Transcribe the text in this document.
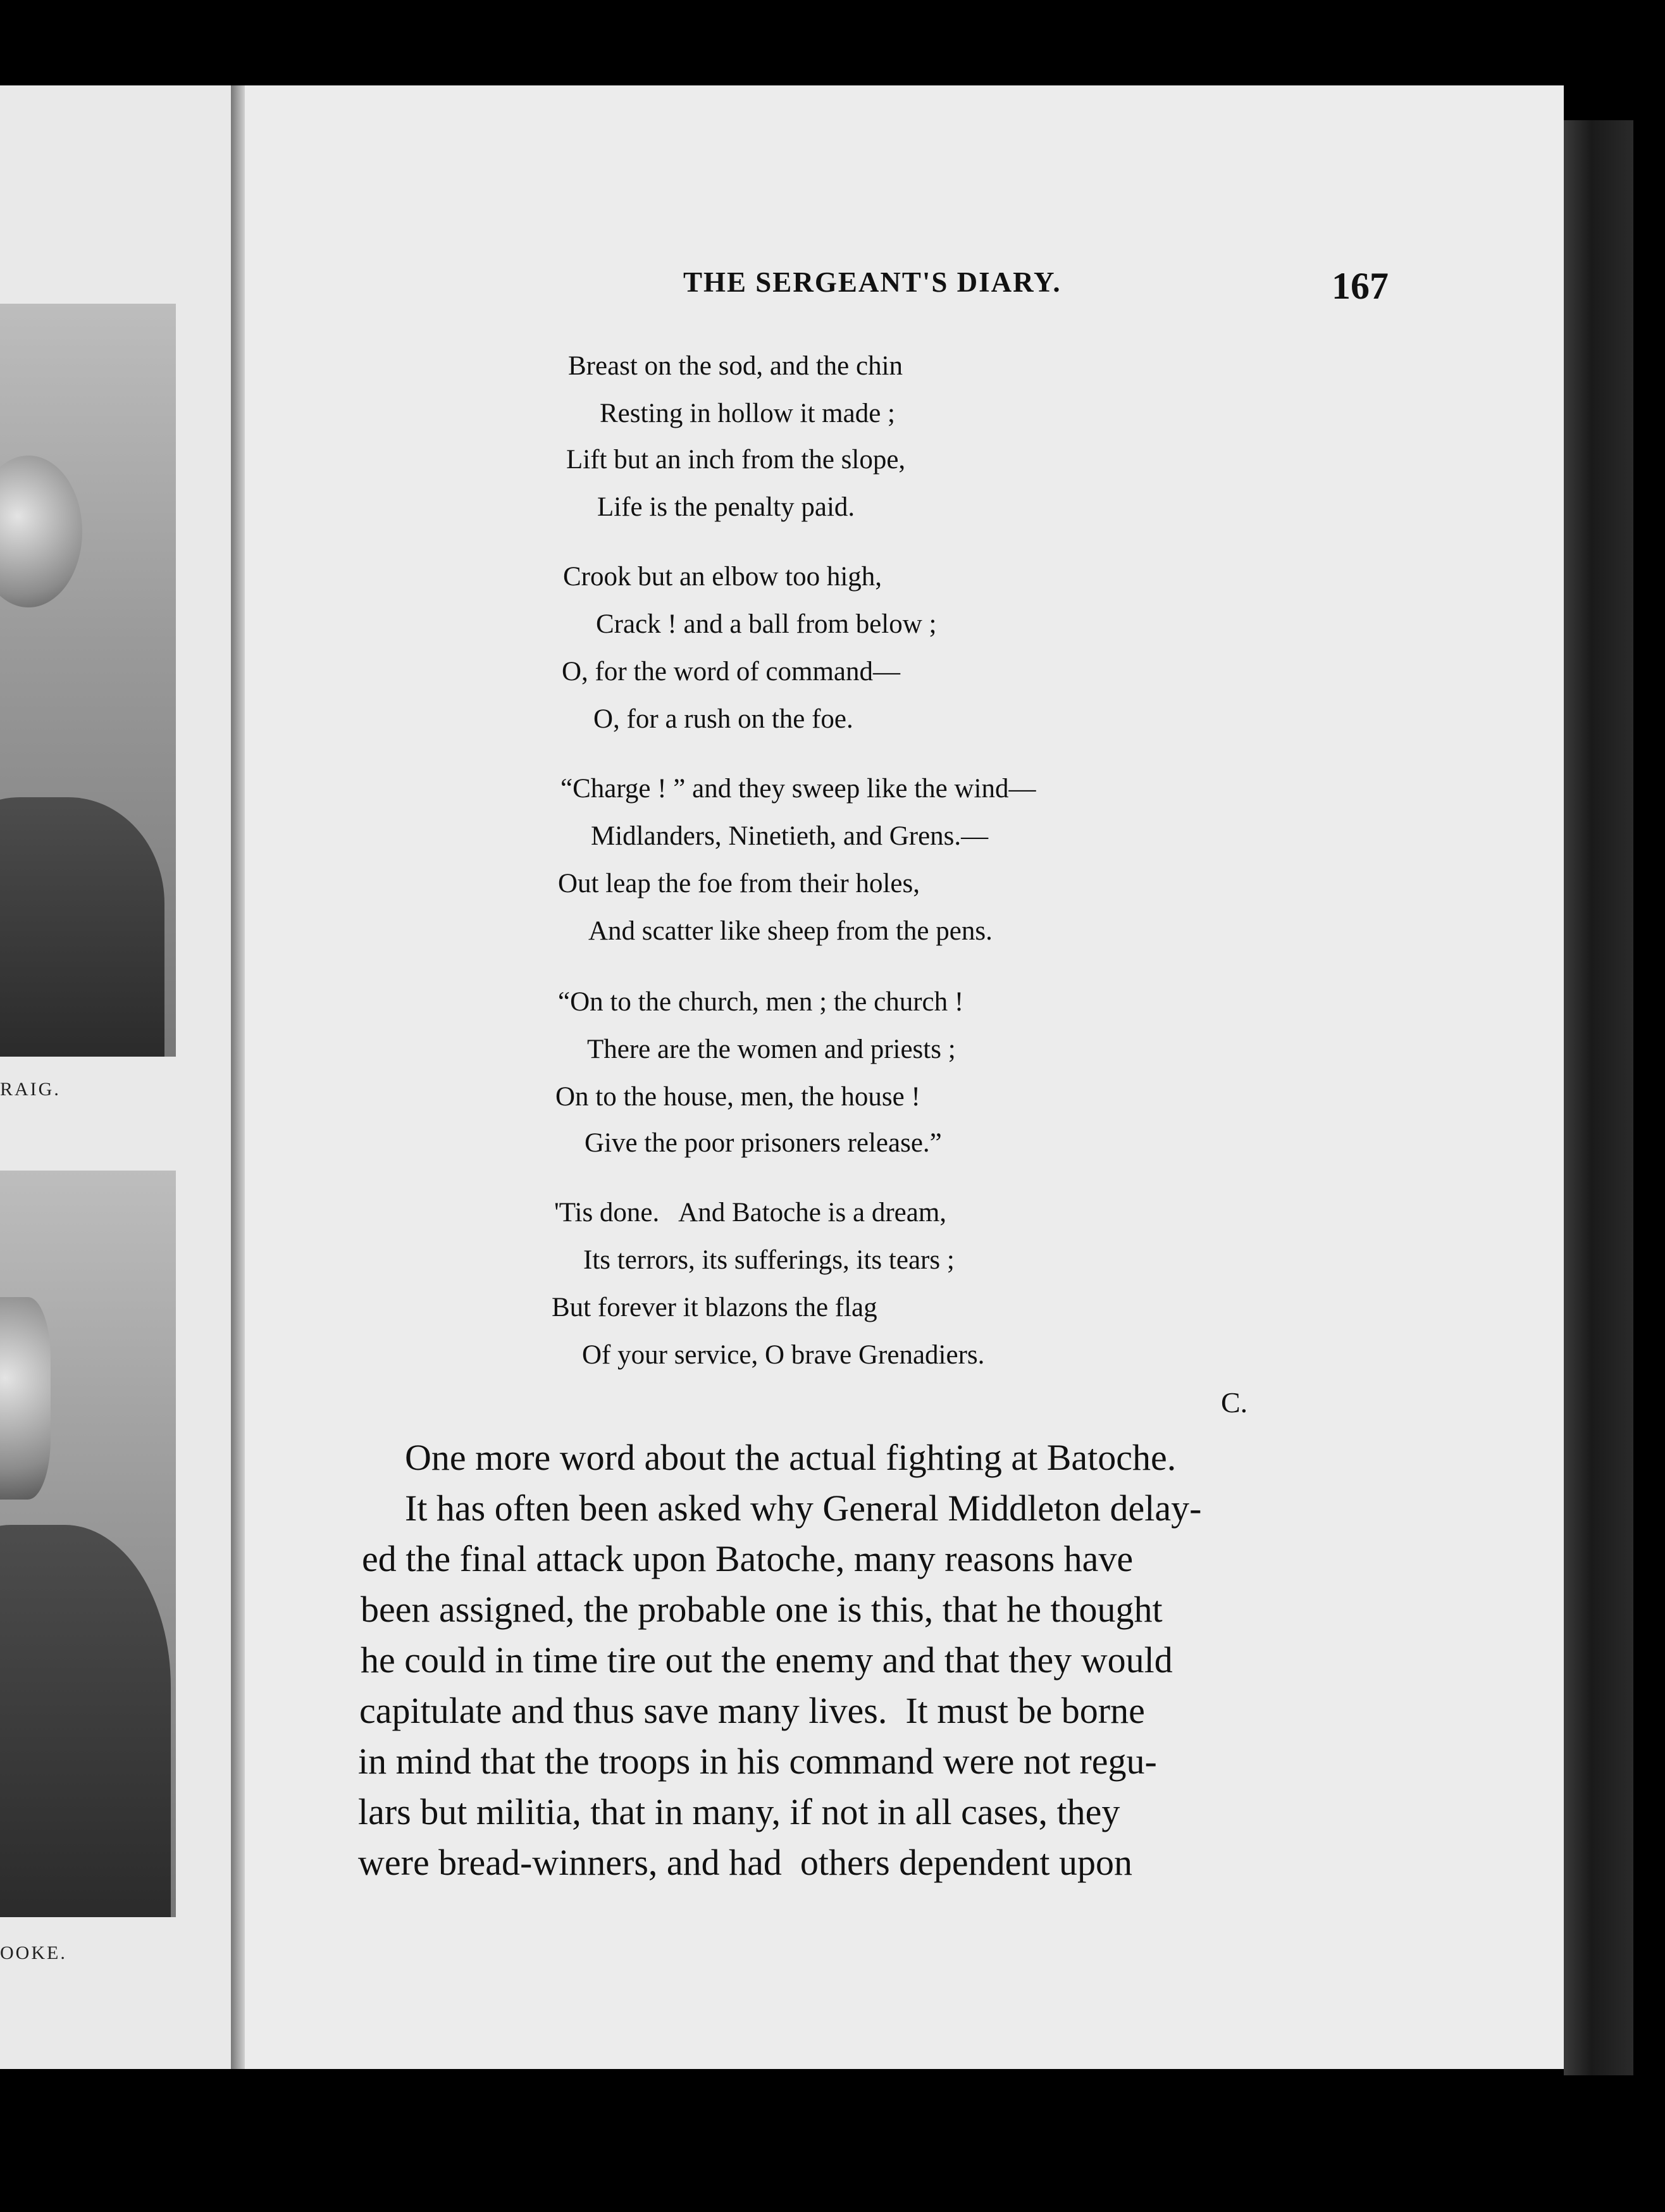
RAIG.
OOKE.
THE SERGEANT'S DIARY.	167
Breast on the sod, and the chin
Resting in hollow it made ;
Lift but an inch from the slope,
Life is the penalty paid.
Crook but an elbow too high,
Crack ! and a ball from below ;
O, for the word of command—
O, for a rush on the foe.
“Charge ! ” and they sweep like the wind—
Midlanders, Ninetieth, and Grens.—
Out leap the foe from their holes,
And scatter like sheep from the pens.
“On to the church, men ; the church !
There are the women and priests ;
On to the house, men, the house !
Give the poor prisoners release.”
'Tis done.   And Batoche is a dream,
Its terrors, its sufferings, its tears ;
But forever it blazons the flag
Of your service, O brave Grenadiers.
C.
One more word about the actual fighting at Batoche.
It has often been asked why General Middleton delay-
ed the final attack upon Batoche, many reasons have
been assigned, the probable one is this, that he thought
he could in time tire out the enemy and that they would
capitulate and thus save many lives.  It must be borne
in mind that the troops in his command were not regu-
lars but militia, that in many, if not in all cases, they
were bread-winners, and had  others dependent upon
